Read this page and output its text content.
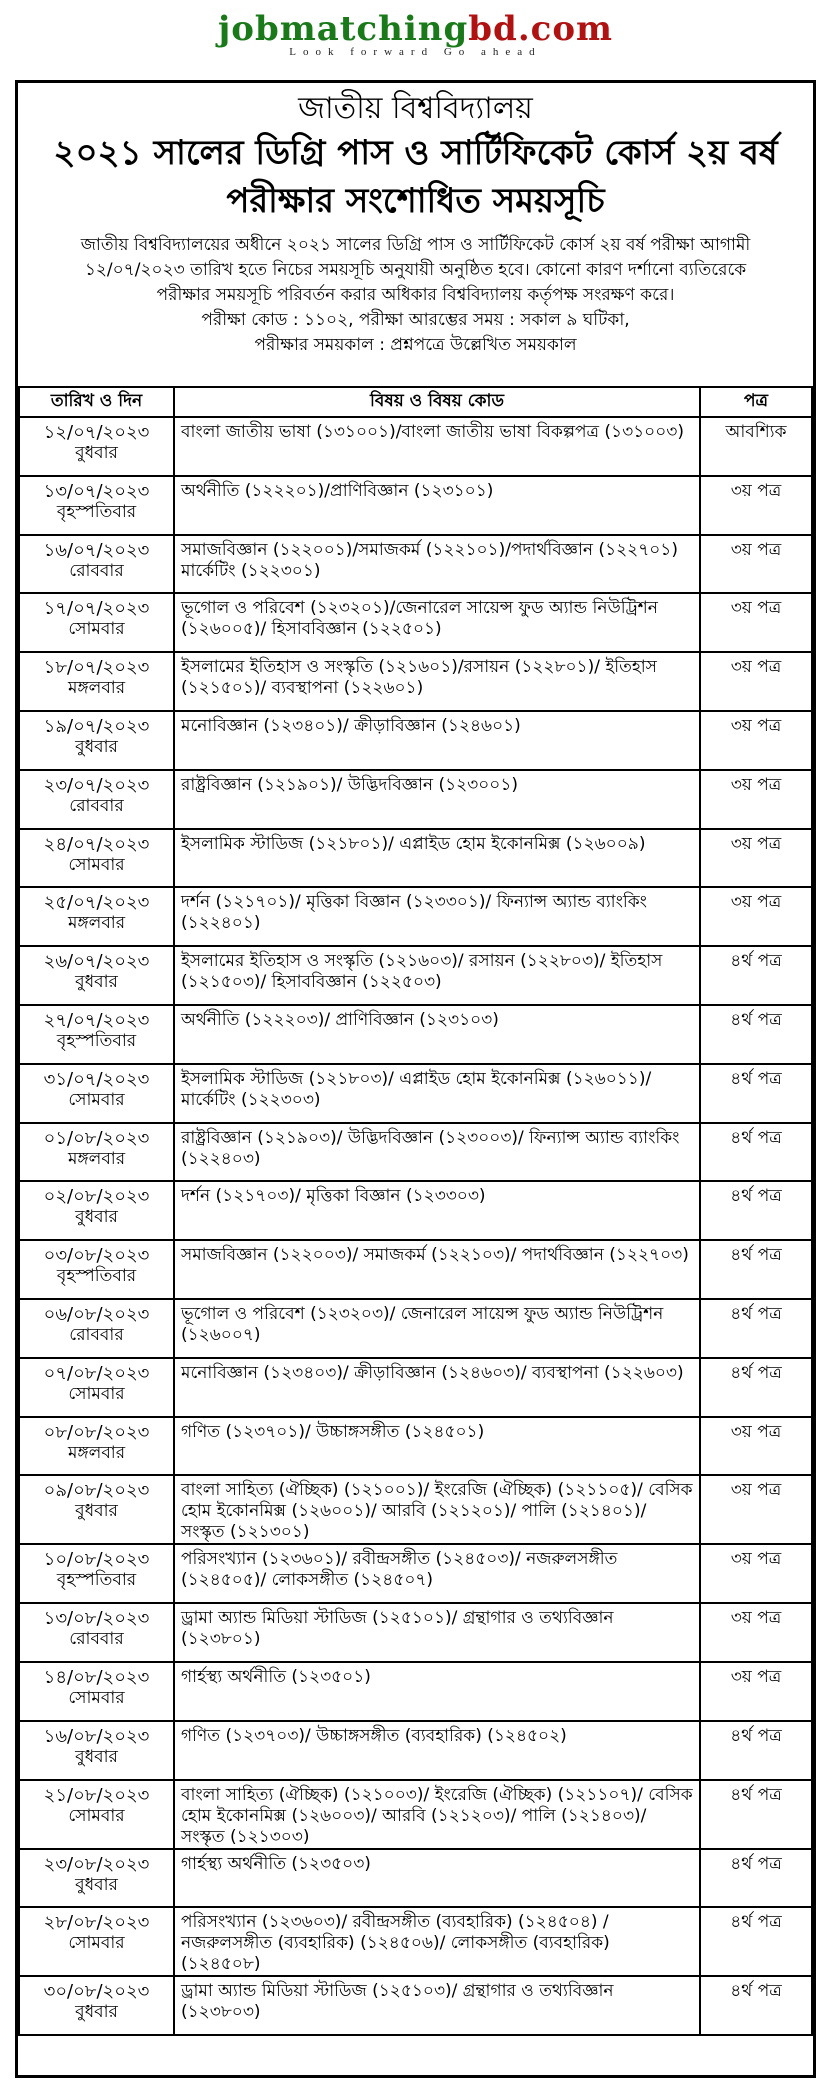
jobmatchingbd.com
Look forward Go ahead
জাতীয় বিশ্ববিদ্যালয়
২০২১ সালের ডিগ্রি পাস ও সার্টিফিকেট কোর্স ২য় বর্ষ
পরীক্ষার সংশোধিত সময়সূচি
জাতীয় বিশ্ববিদ্যালয়ের অধীনে ২০২১ সালের ডিগ্রি পাস ও সার্টিফিকেট কোর্স ২য় বর্ষ পরীক্ষা আগামী
১২/০৭/২০২৩ তারিখ হতে নিচের সময়সূচি অনুযায়ী অনুষ্ঠিত হবে। কোনো কারণ দর্শানো ব্যতিরেকে
পরীক্ষার সময়সূচি পরিবর্তন করার অধিকার বিশ্ববিদ্যালয় কর্তৃপক্ষ সংরক্ষণ করে।
পরীক্ষা কোড : ১১০২, পরীক্ষা আরম্ভের সময় : সকাল ৯ ঘটিকা,
পরীক্ষার সময়কাল : প্রশ্নপত্রে উল্লেখিত সময়কাল
তারিখ ও দিন	বিষয় ও বিষয় কোড	পত্র

১২/০৭/২০২৩
বুধবার	বাংলা জাতীয় ভাষা (১৩১০০১)/বাংলা জাতীয় ভাষা বিকল্পপত্র (১৩১০০৩)	আবশ্যিক

১৩/০৭/২০২৩
বৃহস্পতিবার	অর্থনীতি (১২২২০১)/প্রাণিবিজ্ঞান (১২৩১০১)	৩য় পত্র

১৬/০৭/২০২৩
রোববার	সমাজবিজ্ঞান (১২২০০১)/সমাজকর্ম (১২২১০১)/পদার্থবিজ্ঞান (১২২৭০১) মার্কেটিং (১২২৩০১)	৩য় পত্র

১৭/০৭/২০২৩
সোমবার	ভূগোল ও পরিবেশ (১২৩২০১)/জেনারেল সায়েন্স ফুড অ্যান্ড নিউট্রিশন (১২৬০০৫)/ হিসাববিজ্ঞান (১২২৫০১)	৩য় পত্র

১৮/০৭/২০২৩
মঙ্গলবার	ইসলামের ইতিহাস ও সংস্কৃতি (১২১৬০১)/রসায়ন (১২২৮০১)/ ইতিহাস (১২১৫০১)/ ব্যবস্থাপনা (১২২৬০১)	৩য় পত্র

১৯/০৭/২০২৩
বুধবার	মনোবিজ্ঞান (১২৩৪০১)/ ক্রীড়াবিজ্ঞান (১২৪৬০১)	৩য় পত্র

২৩/০৭/২০২৩
রোববার	রাষ্ট্রবিজ্ঞান (১২১৯০১)/ উদ্ভিদবিজ্ঞান (১২৩০০১)	৩য় পত্র

২৪/০৭/২০২৩
সোমবার	ইসলামিক স্টাডিজ (১২১৮০১)/ এপ্লাইড হোম ইকোনমিক্স (১২৬০০৯)	৩য় পত্র

২৫/০৭/২০২৩
মঙ্গলবার	দর্শন (১২১৭০১)/ মৃত্তিকা বিজ্ঞান (১২৩৩০১)/ ফিন্যান্স অ্যান্ড ব্যাংকিং (১২২৪০১)	৩য় পত্র

২৬/০৭/২০২৩
বুধবার	ইসলামের ইতিহাস ও সংস্কৃতি (১২১৬০৩)/ রসায়ন (১২২৮০৩)/ ইতিহাস (১২১৫০৩)/ হিসাববিজ্ঞান (১২২৫০৩)	৪র্থ পত্র

২৭/০৭/২০২৩
বৃহস্পতিবার	অর্থনীতি (১২২২০৩)/ প্রাণিবিজ্ঞান (১২৩১০৩)	৪র্থ পত্র

৩১/০৭/২০২৩
সোমবার	ইসলামিক স্টাডিজ (১২১৮০৩)/ এপ্লাইড হোম ইকোনমিক্স (১২৬০১১)/ মার্কেটিং (১২২৩০৩)	৪র্থ পত্র

০১/০৮/২০২৩
মঙ্গলবার	রাষ্ট্রবিজ্ঞান (১২১৯০৩)/ উদ্ভিদবিজ্ঞান (১২৩০০৩)/ ফিন্যান্স অ্যান্ড ব্যাংকিং (১২২৪০৩)	৪র্থ পত্র

০২/০৮/২০২৩
বুধবার	দর্শন (১২১৭০৩)/ মৃত্তিকা বিজ্ঞান (১২৩৩০৩)	৪র্থ পত্র

০৩/০৮/২০২৩
বৃহস্পতিবার	সমাজবিজ্ঞান (১২২০০৩)/ সমাজকর্ম (১২২১০৩)/ পদার্থবিজ্ঞান (১২২৭০৩)	৪র্থ পত্র

০৬/০৮/২০২৩
রোববার	ভূগোল ও পরিবেশ (১২৩২০৩)/ জেনারেল সায়েন্স ফুড অ্যান্ড নিউট্রিশন (১২৬০০৭)	৪র্থ পত্র

০৭/০৮/২০২৩
সোমবার	মনোবিজ্ঞান (১২৩৪০৩)/ ক্রীড়াবিজ্ঞান (১২৪৬০৩)/ ব্যবস্থাপনা (১২২৬০৩)	৪র্থ পত্র

০৮/০৮/২০২৩
মঙ্গলবার	গণিত (১২৩৭০১)/ উচ্চাঙ্গসঙ্গীত (১২৪৫০১)	৩য় পত্র

০৯/০৮/২০২৩
বুধবার	বাংলা সাহিত্য (ঐচ্ছিক) (১২১০০১)/ ইংরেজি (ঐচ্ছিক) (১২১১০৫)/ বেসিক হোম ইকোনমিক্স (১২৬০০১)/ আরবি (১২১২০১)/ পালি (১২১৪০১)/ সংস্কৃত (১২১৩০১)	৩য় পত্র

১০/০৮/২০২৩
বৃহস্পতিবার	পরিসংখ্যান (১২৩৬০১)/ রবীন্দ্রসঙ্গীত (১২৪৫০৩)/ নজরুলসঙ্গীত (১২৪৫০৫)/ লোকসঙ্গীত (১২৪৫০৭)	৩য় পত্র

১৩/০৮/২০২৩
রোববার	ড্রামা অ্যান্ড মিডিয়া স্টাডিজ (১২৫১০১)/ গ্রন্থাগার ও তথ্যবিজ্ঞান (১২৩৮০১)	৩য় পত্র

১৪/০৮/২০২৩
সোমবার	গার্হস্থ্য অর্থনীতি (১২৩৫০১)	৩য় পত্র

১৬/০৮/২০২৩
বুধবার	গণিত (১২৩৭০৩)/ উচ্চাঙ্গসঙ্গীত (ব্যবহারিক) (১২৪৫০২)	৪র্থ পত্র

২১/০৮/২০২৩
সোমবার	বাংলা সাহিত্য (ঐচ্ছিক) (১২১০০৩)/ ইংরেজি (ঐচ্ছিক) (১২১১০৭)/ বেসিক হোম ইকোনমিক্স (১২৬০০৩)/ আরবি (১২১২০৩)/ পালি (১২১৪০৩)/ সংস্কৃত (১২১৩০৩)	৪র্থ পত্র

২৩/০৮/২০২৩
বুধবার	গার্হস্থ্য অর্থনীতি (১২৩৫০৩)	৪র্থ পত্র

২৮/০৮/২০২৩
সোমবার	পরিসংখ্যান (১২৩৬০৩)/ রবীন্দ্রসঙ্গীত (ব্যবহারিক) (১২৪৫০৪) / নজরুলসঙ্গীত (ব্যবহারিক) (১২৪৫০৬)/ লোকসঙ্গীত (ব্যবহারিক) (১২৪৫০৮)	৪র্থ পত্র

৩০/০৮/২০২৩
বুধবার	ড্রামা অ্যান্ড মিডিয়া স্টাডিজ (১২৫১০৩)/ গ্রন্থাগার ও তথ্যবিজ্ঞান (১২৩৮০৩)	৪র্থ পত্র
